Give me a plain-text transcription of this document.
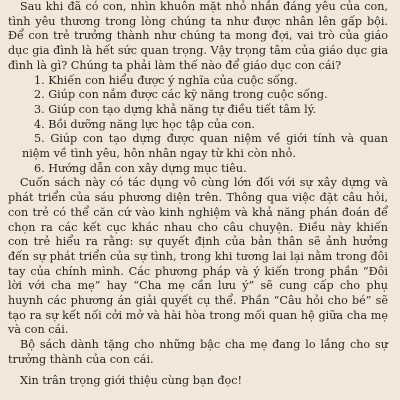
Sau khi đã có con, nhìn khuôn mặt nhỏ nhắn đáng yêu của con, tình yêu thương trong lòng chúng ta như được nhân lên gấp bội. Để con trẻ trưởng thành như chúng ta mong đợi, vai trò của giáo dục gia đình là hết sức quan trọng. Vậy trọng tâm của giáo dục gia đình là gì? Chúng ta phải làm thế nào để giáo dục con cái?

1. Khiến con hiểu được ý nghĩa của cuộc sống.

2. Giúp con nắm được các kỹ năng trong cuộc sống.

3. Giúp con tạo dựng khả năng tự điều tiết tâm lý.

4. Bồi dưỡng năng lực học tập của con.

5. Giúp con tạo dựng được quan niệm về giới tính và quan niệm về tình yêu, hôn nhân ngay từ khi còn nhỏ.

6. Hướng dẫn con xây dựng mục tiêu.

Cuốn sách này có tác dụng vô cùng lớn đối với sự xây dựng và phát triển của sáu phương diện trên. Thông qua việc đặt câu hỏi, con trẻ có thể căn cứ vào kinh nghiệm và khả năng phán đoán để chọn ra các kết cục khác nhau cho câu chuyện. Điều này khiến con trẻ hiểu ra rằng: sự quyết định của bản thân sẽ ảnh hưởng đến sự phát triển của sự tình, trong khi tương lai lại nằm trong đôi tay của chính mình. Các phương pháp và ý kiến trong phần “Đôi lời với cha mẹ” hay “Cha mẹ cần lưu ý” sẽ cung cấp cho phụ huynh các phương án giải quyết cụ thể. Phần “Câu hỏi cho bé” sẽ tạo ra sự kết nối cởi mở và hài hòa trong mối quan hệ giữa cha mẹ và con cái.

Bộ sách dành tặng cho những bậc cha mẹ đang lo lắng cho sự trưởng thành của con cái.

Xin trân trọng giới thiệu cùng bạn đọc!
